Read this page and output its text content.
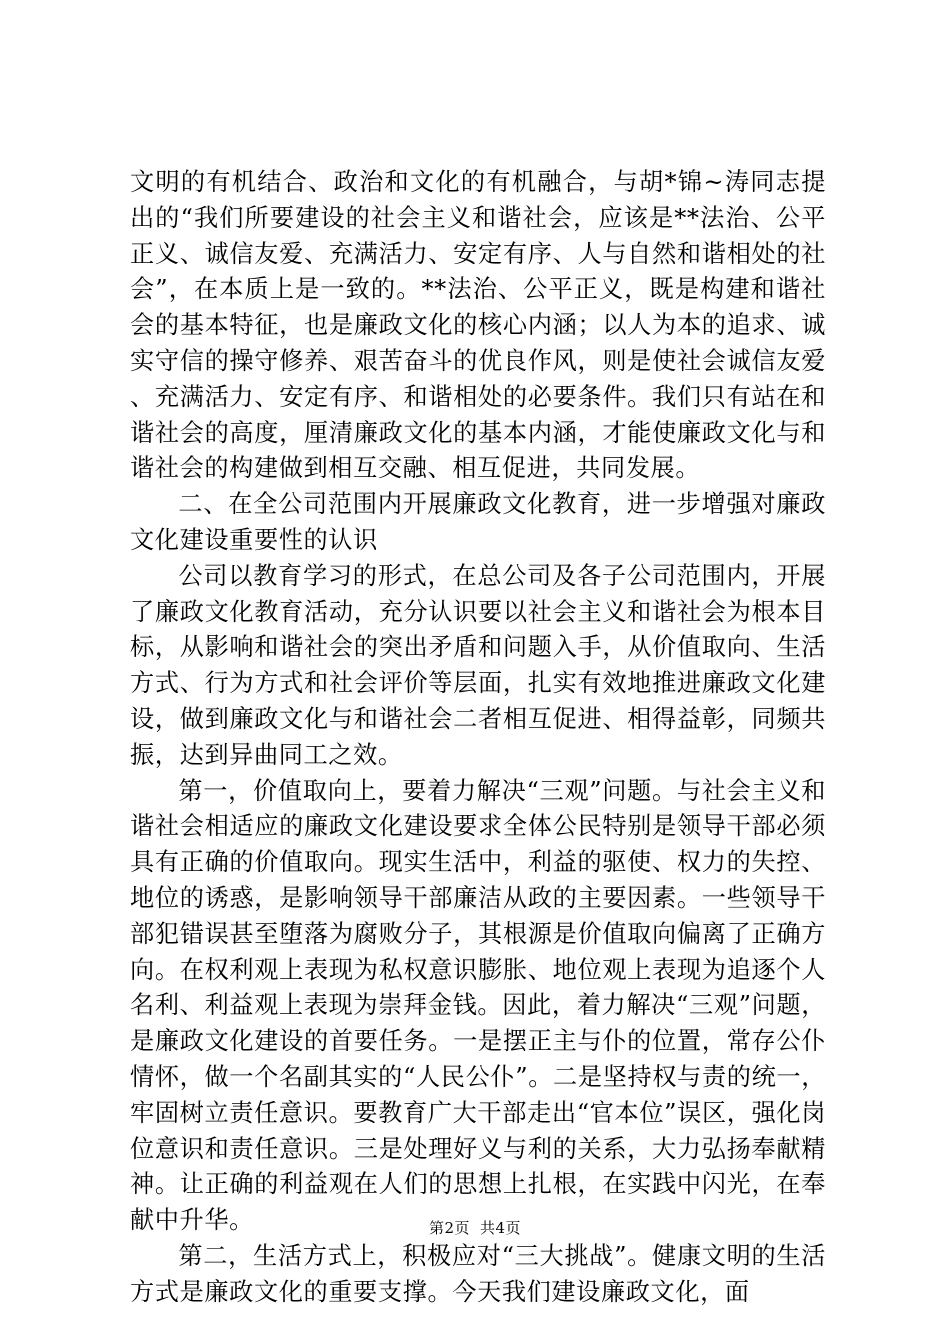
文明的有机结合、政治和文化的有机融合，与胡*锦~涛同志提出的“我们所要建设的社会主义和谐社会，应该是**法治、公平正义、诚信友爱、充满活力、安定有序、人与自然和谐相处的社会”，在本质上是一致的。**法治、公平正义，既是构建和谐社会的基本特征，也是廉政文化的核心内涵；以人为本的追求、诚实守信的操守修养、艰苦奋斗的优良作风，则是使社会诚信友爱、充满活力、安定有序、和谐相处的必要条件。我们只有站在和谐社会的高度，厘清廉政文化的基本内涵，才能使廉政文化与和谐社会的构建做到相互交融、相互促进，共同发展。

二、在全公司范围内开展廉政文化教育，进一步增强对廉政文化建设重要性的认识

公司以教育学习的形式，在总公司及各子公司范围内，开展了廉政文化教育活动，充分认识要以社会主义和谐社会为根本目标，从影响和谐社会的突出矛盾和问题入手，从价值取向、生活方式、行为方式和社会评价等层面，扎实有效地推进廉政文化建设，做到廉政文化与和谐社会二者相互促进、相得益彰，同频共振，达到异曲同工之效。

第一，价值取向上，要着力解决“三观”问题。与社会主义和谐社会相适应的廉政文化建设要求全体公民特别是领导干部必须具有正确的价值取向。现实生活中，利益的驱使、权力的失控、地位的诱惑，是影响领导干部廉洁从政的主要因素。一些领导干部犯错误甚至堕落为腐败分子，其根源是价值取向偏离了正确方向。在权利观上表现为私权意识膨胀、地位观上表现为追逐个人名利、利益观上表现为崇拜金钱。因此，着力解决“三观”问题，是廉政文化建设的首要任务。一是摆正主与仆的位置，常存公仆情怀，做一个名副其实的“人民公仆”。二是坚持权与责的统一，牢固树立责任意识。要教育广大干部走出“官本位”误区，强化岗位意识和责任意识。三是处理好义与利的关系，大力弘扬奉献精神。让正确的利益观在人们的思想上扎根，在实践中闪光，在奉献中升华。

第二，生活方式上，积极应对“三大挑战”。健康文明的生活方式是廉政文化的重要支撑。今天我们建设廉政文化，面

第2页 共4页
